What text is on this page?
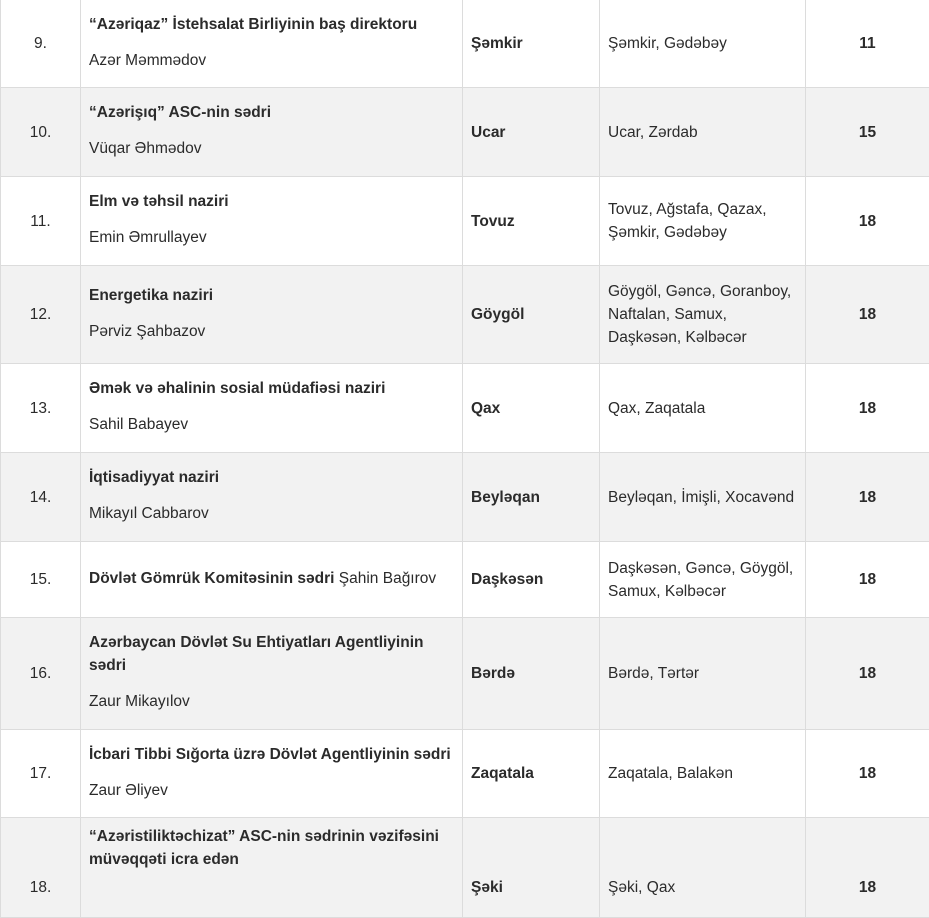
9.	“Azəriqaz” İstehsalat Birliyinin baş direktoru
Azər Məmmədov	Şəmkir	Şəmkir, Gədəbəy	11
10.	“Azərişıq” ASC-nin sədri
Vüqar Əhmədov	Ucar	Ucar, Zərdab	15
11.	Elm və təhsil naziri
Emin Əmrullayev	Tovuz	Tovuz, Ağstafa, Qazax, Şəmkir, Gədəbəy	18
12.	Energetika naziri
Pərviz Şahbazov	Göygöl	Göygöl, Gəncə, Goranboy, Naftalan, Samux, Daşkəsən, Kəlbəcər	18
13.	Əmək və əhalinin sosial müdafiəsi naziri
Sahil Babayev	Qax	Qax, Zaqatala	18
14.	İqtisadiyyat naziri
Mikayıl Cabbarov	Beyləqan	Beyləqan, İmişli, Xocavənd	18
15.	Dövlət Gömrük Komitəsinin sədri Şahin Bağırov	Daşkəsən	Daşkəsən, Gəncə, Göygöl, Samux, Kəlbəcər	18
16.	Azərbaycan Dövlət Su Ehtiyatları Agentliyinin sədri
Zaur Mikayılov	Bərdə	Bərdə, Tərtər	18
17.	İcbari Tibbi Sığorta üzrə Dövlət Agentliyinin sədri
Zaur Əliyev	Zaqatala	Zaqatala, Balakən	18
18.	“Azəristiliktəchizat” ASC-nin sədrinin vəzifəsini müvəqqəti icra edən	Şəki	Şəki, Qax	18
